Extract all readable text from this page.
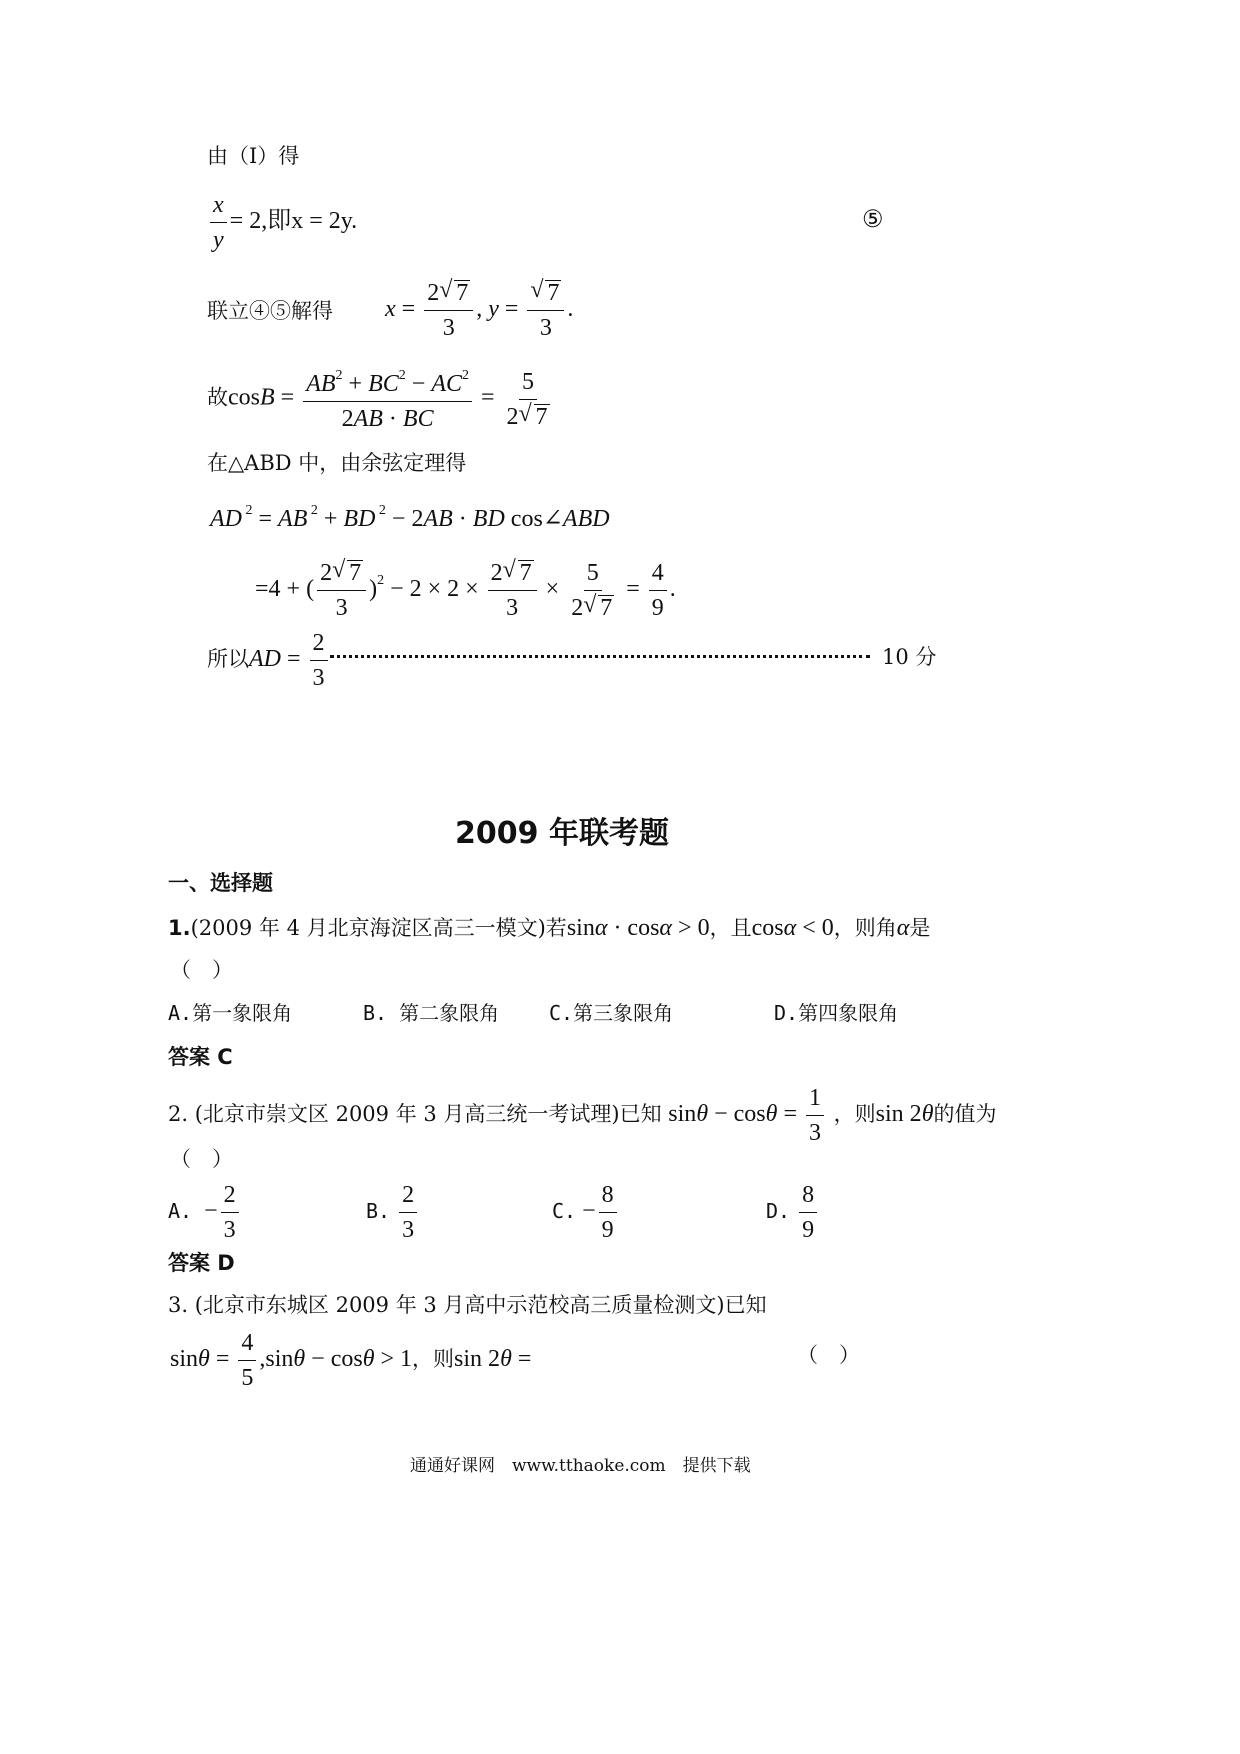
由（Ⅰ）得
$\frac{x}{y} = 2$,即x = 2y.	⑤
联立④⑤解得 $x = \frac{2 √ 7}{3}$ , y = √ $\frac{7}{3}$ .
故$\cos B = \frac{AB^2 + BC^2 - AC^2}{2AB \cdot BC} = \frac{5}{2 √ 7}$
在△ABD 中，由余弦定理得
AD $^2$ = AB $^2$ + BD $^2$ − 2AB · BD cos∠ABD
=4 + ( $\frac{2 √ 7}{3} )^2 - 2 \times 2 \times \frac{2 √ 7}{3} \times \frac{5}{2 √ 7} = \frac{4}{9}$ .
所以AD = $\frac{2}{3}$	10 分
2009 年联考题
一、选择题
1.(2009 年 4 月北京海淀区高三一模文)若sinα · cosα > 0，且cosα < 0，则角α是
（　）
A.第一象限角	B. 第二象限角 C.第三象限角	D.第四象限角
答案 C
2. (北京市崇文区 2009 年 3 月高三统一考试理)已知 $\sin\theta - \cos\theta = \frac{1}{3}$ ，则sin 2θ的值为
（　）
A.  − $\frac{2}{3}$	B. $\frac{2}{3}$	C. − $\frac{8}{9}$	D. $\frac{8}{9}$
答案 D
3. (北京市东城区 2009 年 3 月高中示范校高三质量检测文)已知
$\sin\theta = \frac{4}{5} ,\sin\theta - \cos\theta > 1$，则sin 2θ =	（　）
通通好课网　www.tthaoke.com　提供下载
